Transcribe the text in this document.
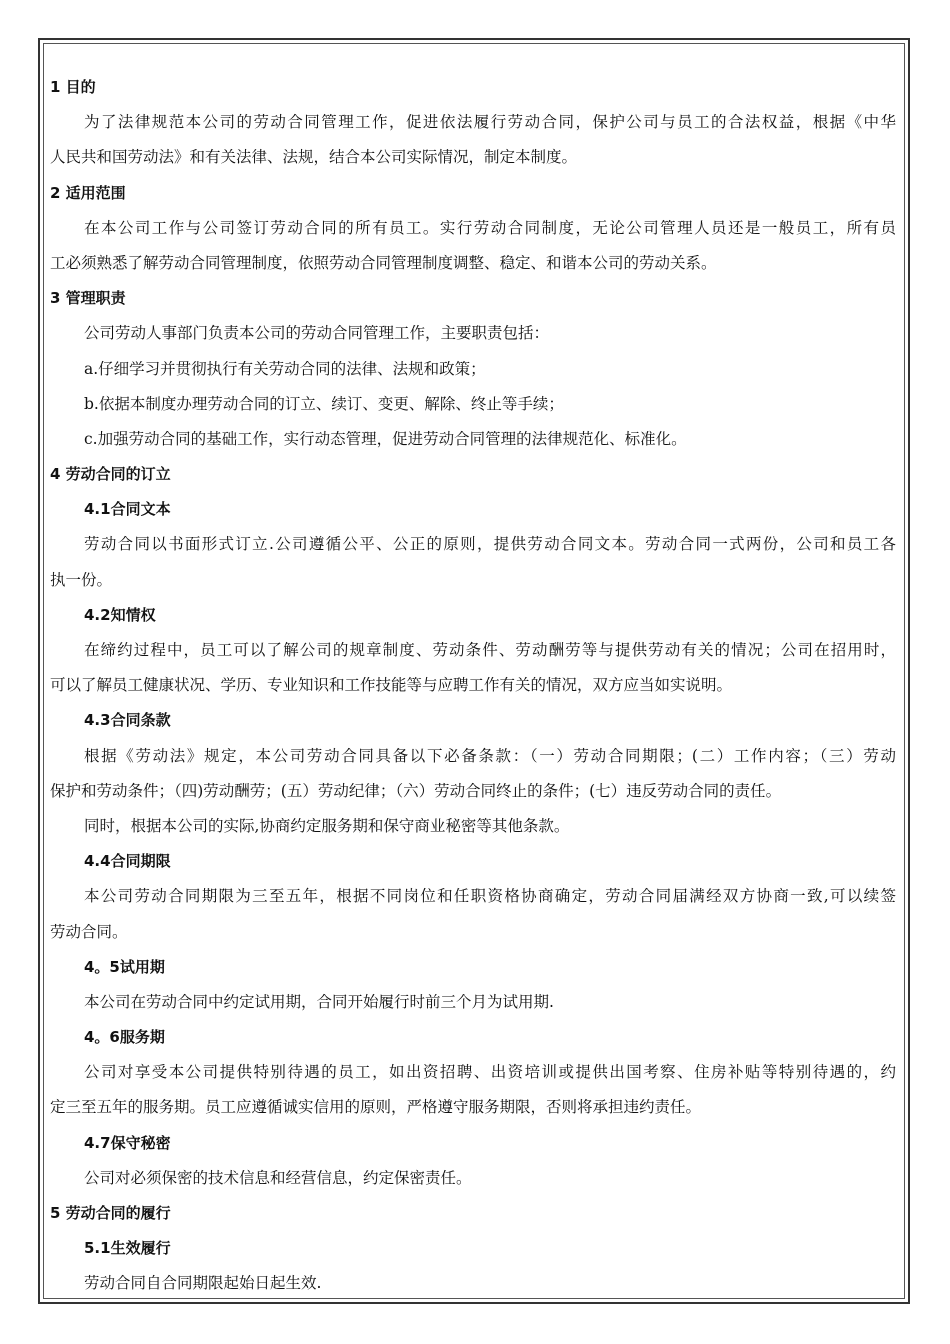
1 目的
为了法律规范本公司的劳动合同管理工作，促进依法履行劳动合同，保护公司与员工的合法权益，根据《中华
人民共和国劳动法》和有关法律、法规，结合本公司实际情况，制定本制度。
2 适用范围
在本公司工作与公司签订劳动合同的所有员工。实行劳动合同制度，无论公司管理人员还是一般员工，所有员
工必须熟悉了解劳动合同管理制度，依照劳动合同管理制度调整、稳定、和谐本公司的劳动关系。
3 管理职责
公司劳动人事部门负责本公司的劳动合同管理工作，主要职责包括：
a.仔细学习并贯彻执行有关劳动合同的法律、法规和政策；
b.依据本制度办理劳动合同的订立、续订、变更、解除、终止等手续；
c.加强劳动合同的基础工作，实行动态管理，促进劳动合同管理的法律规范化、标准化。
4 劳动合同的订立
4.1合同文本
劳动合同以书面形式订立.公司遵循公平、公正的原则，提供劳动合同文本。劳动合同一式两份，公司和员工各
执一份。
4.2知情权
在缔约过程中，员工可以了解公司的规章制度、劳动条件、劳动酬劳等与提供劳动有关的情况；公司在招用时，
可以了解员工健康状况、学历、专业知识和工作技能等与应聘工作有关的情况，双方应当如实说明。
4.3合同条款
根据《劳动法》规定，本公司劳动合同具备以下必备条款：（一）劳动合同期限；(二）工作内容；（三）劳动
保护和劳动条件；（四)劳动酬劳；(五）劳动纪律；（六）劳动合同终止的条件；(七）违反劳动合同的责任。
同时，根据本公司的实际,协商约定服务期和保守商业秘密等其他条款。
4.4合同期限
本公司劳动合同期限为三至五年，根据不同岗位和任职资格协商确定，劳动合同届满经双方协商一致,可以续签
劳动合同。
4。5试用期
本公司在劳动合同中约定试用期，合同开始履行时前三个月为试用期.
4。6服务期
公司对享受本公司提供特别待遇的员工，如出资招聘、出资培训或提供出国考察、住房补贴等特别待遇的，约
定三至五年的服务期。员工应遵循诚实信用的原则，严格遵守服务期限，否则将承担违约责任。
4.7保守秘密
公司对必须保密的技术信息和经营信息，约定保密责任。
5 劳动合同的履行
5.1生效履行
劳动合同自合同期限起始日起生效.
